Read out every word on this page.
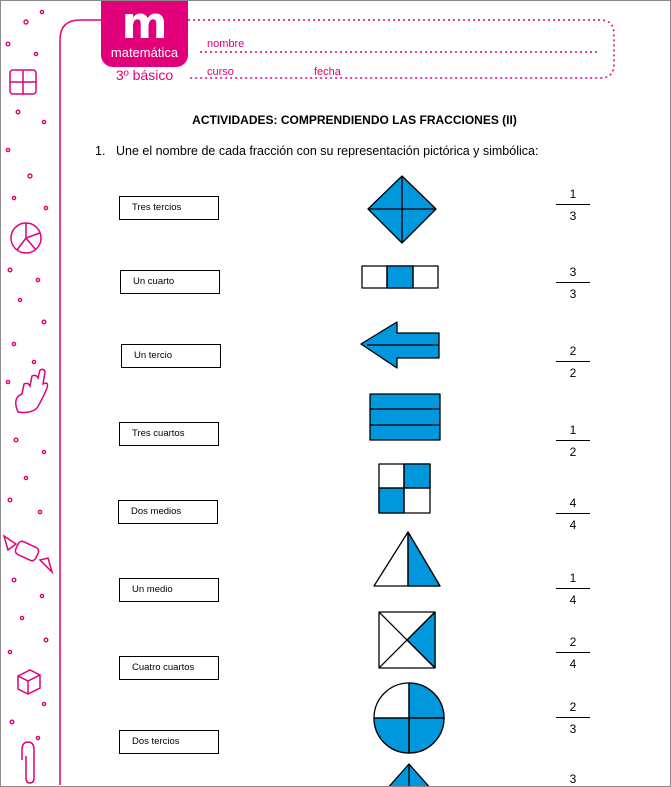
m
matemática
3º básico
nombre
curso	fecha
ACTIVIDADES: COMPRENDIENDO LAS FRACCIONES (II)
1. Une el nombre de cada fracción con su representación pictórica y simbólica:
Tres tercios
Un cuarto
Un tercio
Tres cuartos
Dos medios
Un medio
Cuatro cuartos
Dos tercios
1
3
3
3
2
2
1
2
4
4
1
4
2
4
2
3
3
